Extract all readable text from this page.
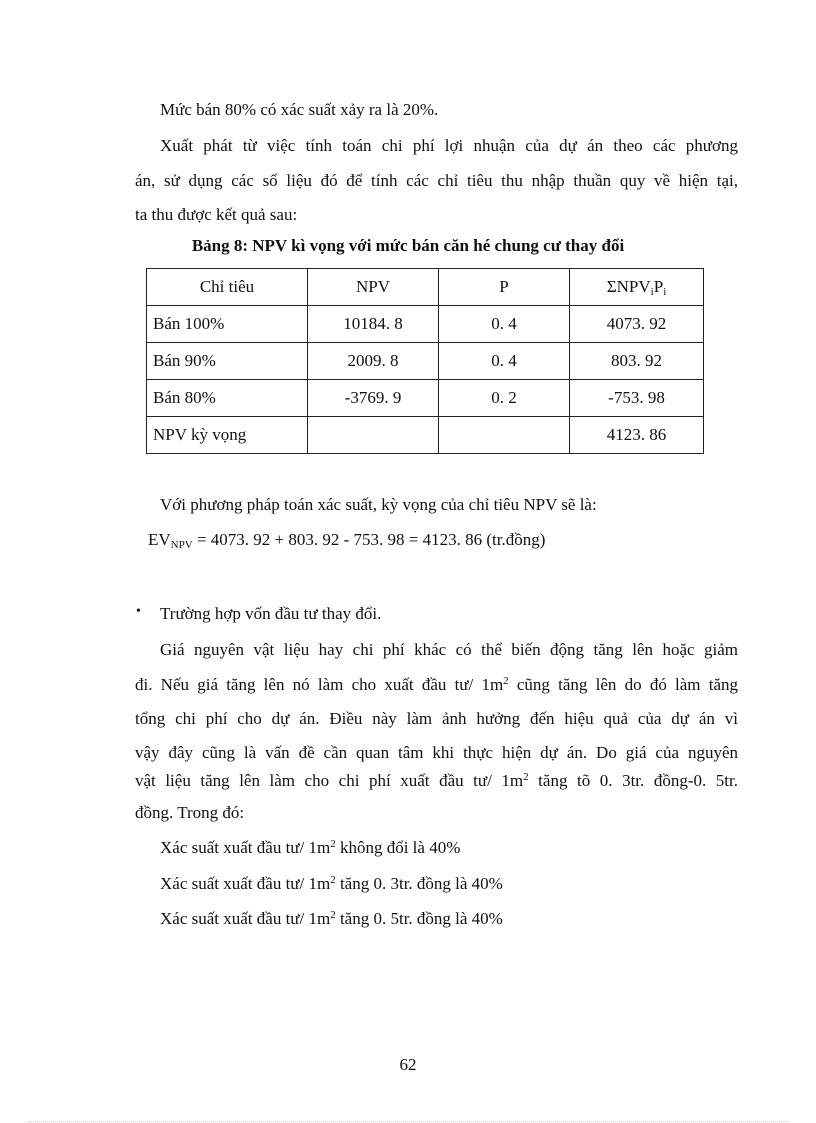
Mức bán 80% có xác suất xảy ra là 20%.
Xuất phát từ việc tính toán chi phí lợi nhuận của dự án theo các phương
án, sử dụng các số liệu đó để tính các chỉ tiêu thu nhập thuần quy về hiện tại,
ta thu được kết quả sau:
Bảng 8: NPV kì vọng với mức bán căn hé chung cư thay đổi
Chỉ tiêu	NPV	P	$\Sigma NPV_iP_i$
Bán 100%	10184. 8	0. 4	4073. 92
Bán 90%	2009. 8	0. 4	803. 92
Bán 80%	-3769. 9	0. 2	-753. 98
NPV kỳ vọng			4123. 86
Với phương pháp toán xác suất, kỳ vọng của chỉ tiêu NPV sẽ là:
$EV_{NPV} = 4073$. 92 + 803. 92 - 753. 98 = 4123. 86 (tr.đồng)
• Trường hợp vốn đầu tư thay đổi.
Giá nguyên vật liệu hay chi phí khác có thể biến động tăng lên hoặc giảm
đi. Nếu giá tăng lên nó làm cho xuất đầu tư/ $1m^2$ cũng tăng lên do đó làm tăng
tổng chi phí cho dự án. Điều này làm ảnh hưởng đến hiệu quả của dự án vì
vậy đây cũng là vấn đề cần quan tâm khi thực hiện dự án. Do giá của nguyên
vật liệu tăng lên làm cho chi phí xuất đầu tư/ $1m^2$ tăng tõ 0. 3tr. đồng-0. 5tr.
đồng. Trong đó:
Xác suất xuất đầu tư/ $1m^2$ không đổi là 40%
Xác suất xuất đầu tư/ $1m^2$ tăng 0. 3tr. đồng là 40%
Xác suất xuất đầu tư/ $1m^2$ tăng 0. 5tr. đồng là 40%
62
